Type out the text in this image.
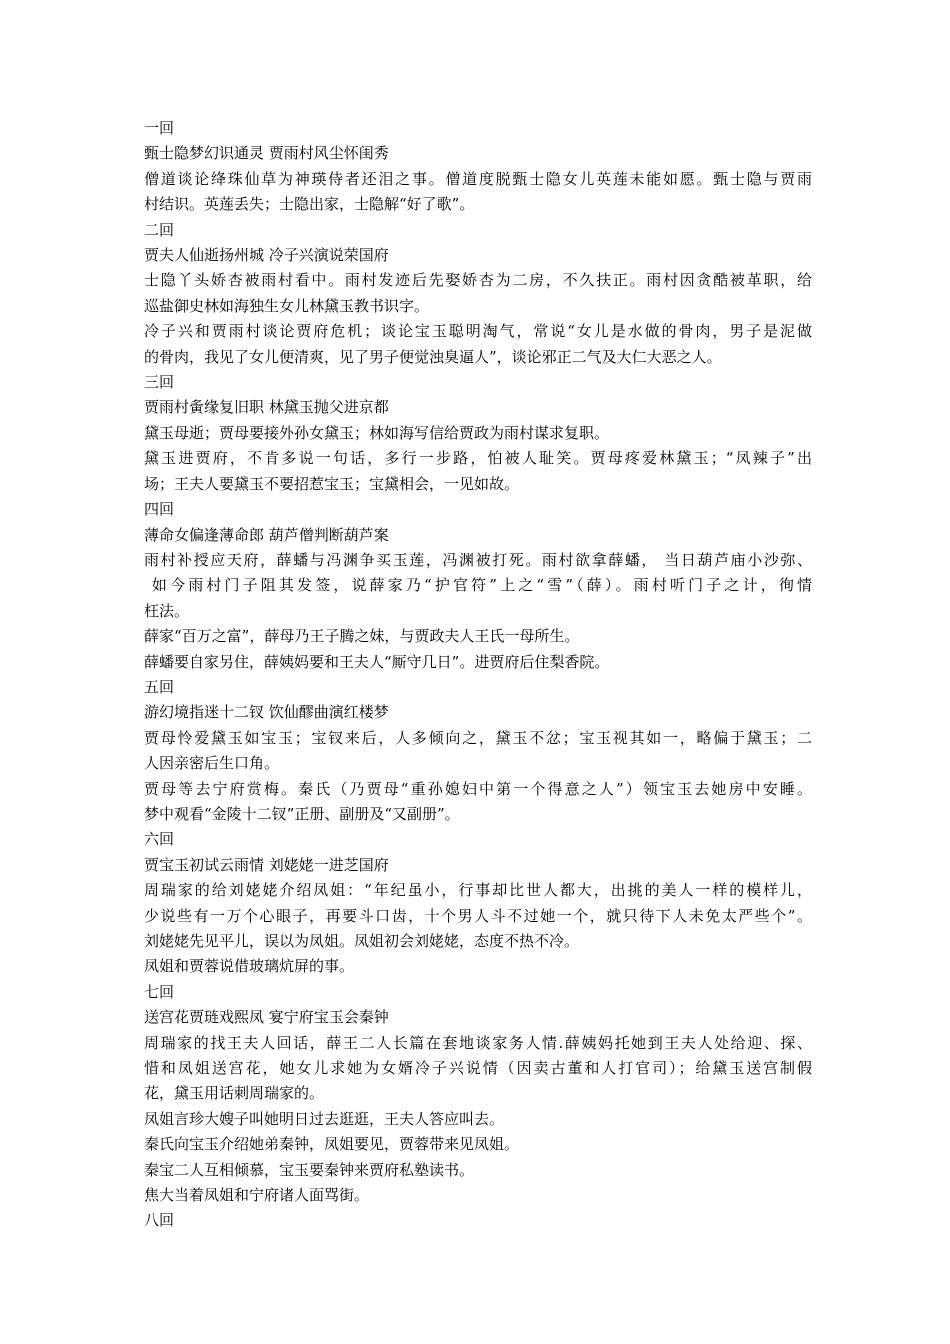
一回
甄士隐梦幻识通灵 贾雨村风尘怀闺秀
僧道谈论绛珠仙草为神瑛侍者还泪之事。僧道度脱甄士隐女儿英莲未能如愿。甄士隐与贾雨
村结识。英莲丢失；士隐出家，士隐解“好了歌”。
二回
贾夫人仙逝扬州城 冷子兴演说荣国府
士隐丫头娇杏被雨村看中。雨村发迹后先娶娇杏为二房，不久扶正。雨村因贪酷被革职，给
巡盐御史林如海独生女儿林黛玉教书识字。
冷子兴和贾雨村谈论贾府危机；谈论宝玉聪明淘气，常说“女儿是水做的骨肉，男子是泥做
的骨肉，我见了女儿便清爽，见了男子便觉浊臭逼人”，谈论邪正二气及大仁大恶之人。
三回
贾雨村夤缘复旧职 林黛玉抛父进京都
黛玉母逝；贾母要接外孙女黛玉；林如海写信给贾政为雨村谋求复职。
黛玉进贾府，不肯多说一句话，多行一步路，怕被人耻笑。贾母疼爱林黛玉；“凤辣子”出
场；王夫人要黛玉不要招惹宝玉；宝黛相会，一见如故。
四回
薄命女偏逢薄命郎 葫芦僧判断葫芦案
雨村补授应天府，薛蟠与冯渊争买玉莲，冯渊被打死。雨村欲拿薛蟠， 当日葫芦庙小沙弥、
如今雨村门子阻其发签，说薛家乃“护官符”上之“雪”（薛）。雨村听门子之计，徇情
枉法。
薛家“百万之富”，薛母乃王子腾之妹，与贾政夫人王氏一母所生。
薛蟠要自家另住，薛姨妈要和王夫人“厮守几日”。进贾府后住梨香院。
五回
游幻境指迷十二钗 饮仙醪曲演红楼梦
贾母怜爱黛玉如宝玉；宝钗来后，人多倾向之，黛玉不忿；宝玉视其如一，略偏于黛玉；二
人因亲密后生口角。
贾母等去宁府赏梅。秦氏（乃贾母“重孙媳妇中第一个得意之人”）领宝玉去她房中安睡。
梦中观看“金陵十二钗”正册、副册及“又副册”。
六回
贾宝玉初试云雨情 刘姥姥一进芝国府
周瑞家的给刘姥姥介绍凤姐：“年纪虽小，行事却比世人都大，出挑的美人一样的模样儿，
少说些有一万个心眼子，再要斗口齿，十个男人斗不过她一个，就只待下人未免太严些个”。
刘姥姥先见平儿，误以为凤姐。凤姐初会刘姥姥，态度不热不冷。
凤姐和贾蓉说借玻璃炕屏的事。
七回
送宫花贾琏戏熙凤 宴宁府宝玉会秦钟
周瑞家的找王夫人回话，薛王二人长篇在套地谈家务人情.薛姨妈托她到王夫人处给迎、探、
惜和凤姐送宫花，她女儿求她为女婿冷子兴说情（因卖古董和人打官司）；给黛玉送宫制假
花，黛玉用话刺周瑞家的。
凤姐言珍大嫂子叫她明日过去逛逛，王夫人答应叫去。
秦氏向宝玉介绍她弟秦钟，凤姐要见，贾蓉带来见凤姐。
秦宝二人互相倾慕，宝玉要秦钟来贾府私塾读书。
焦大当着凤姐和宁府诸人面骂街。
八回
